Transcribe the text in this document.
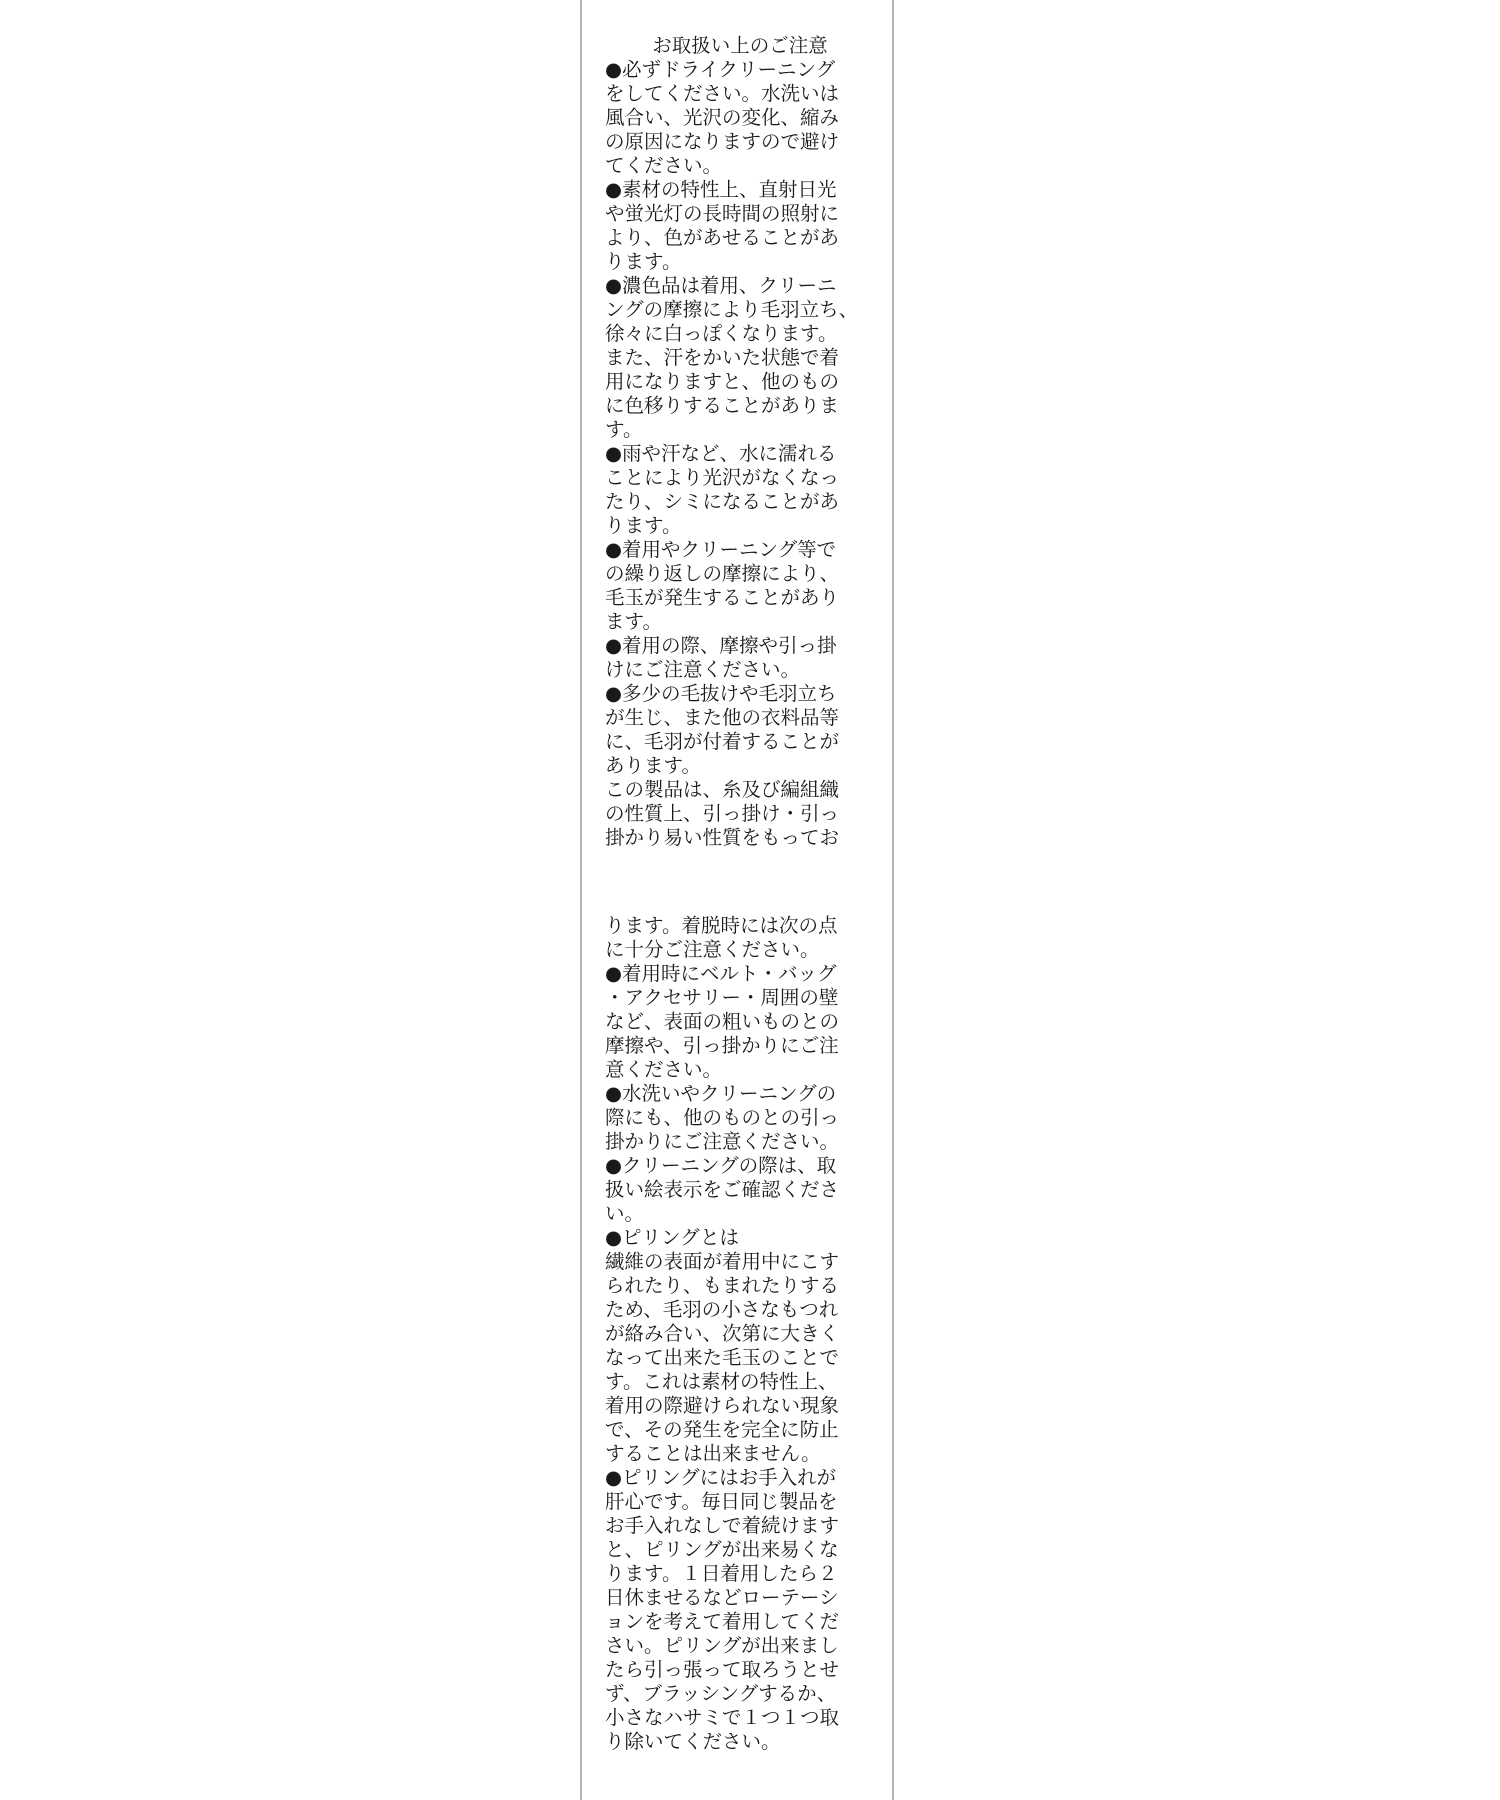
お取扱い上のご注意
●必ずドライクリーニング
をしてください。水洗いは
風合い、光沢の変化、縮み
の原因になりますので避け
てください。
●素材の特性上、直射日光
や蛍光灯の長時間の照射に
より、色があせることがあ
ります。
●濃色品は着用、クリーニ
ングの摩擦により毛羽立ち、
徐々に白っぽくなります。
また、汗をかいた状態で着
用になりますと、他のもの
に色移りすることがありま
す。
●雨や汗など、水に濡れる
ことにより光沢がなくなっ
たり、シミになることがあ
ります。
●着用やクリーニング等で
の繰り返しの摩擦により、
毛玉が発生することがあり
ます。
●着用の際、摩擦や引っ掛
けにご注意ください。
●多少の毛抜けや毛羽立ち
が生じ、また他の衣料品等
に、毛羽が付着することが
あります。
この製品は、糸及び編組織
の性質上、引っ掛け・引っ
掛かり易い性質をもってお
ります。着脱時には次の点
に十分ご注意ください。
●着用時にベルト・バッグ
・アクセサリー・周囲の壁
など、表面の粗いものとの
摩擦や、引っ掛かりにご注
意ください。
●水洗いやクリーニングの
際にも、他のものとの引っ
掛かりにご注意ください。
●クリーニングの際は、取
扱い絵表示をご確認くださ
い。
●ピリングとは
繊維の表面が着用中にこす
られたり、もまれたりする
ため、毛羽の小さなもつれ
が絡み合い、次第に大きく
なって出来た毛玉のことで
す。これは素材の特性上、
着用の際避けられない現象
で、その発生を完全に防止
することは出来ません。
●ピリングにはお手入れが
肝心です。毎日同じ製品を
お手入れなしで着続けます
と、ピリングが出来易くな
ります。１日着用したら２
日休ませるなどローテーシ
ョンを考えて着用してくだ
さい。ピリングが出来まし
たら引っ張って取ろうとせ
ず、ブラッシングするか、
小さなハサミで１つ１つ取
り除いてください。
